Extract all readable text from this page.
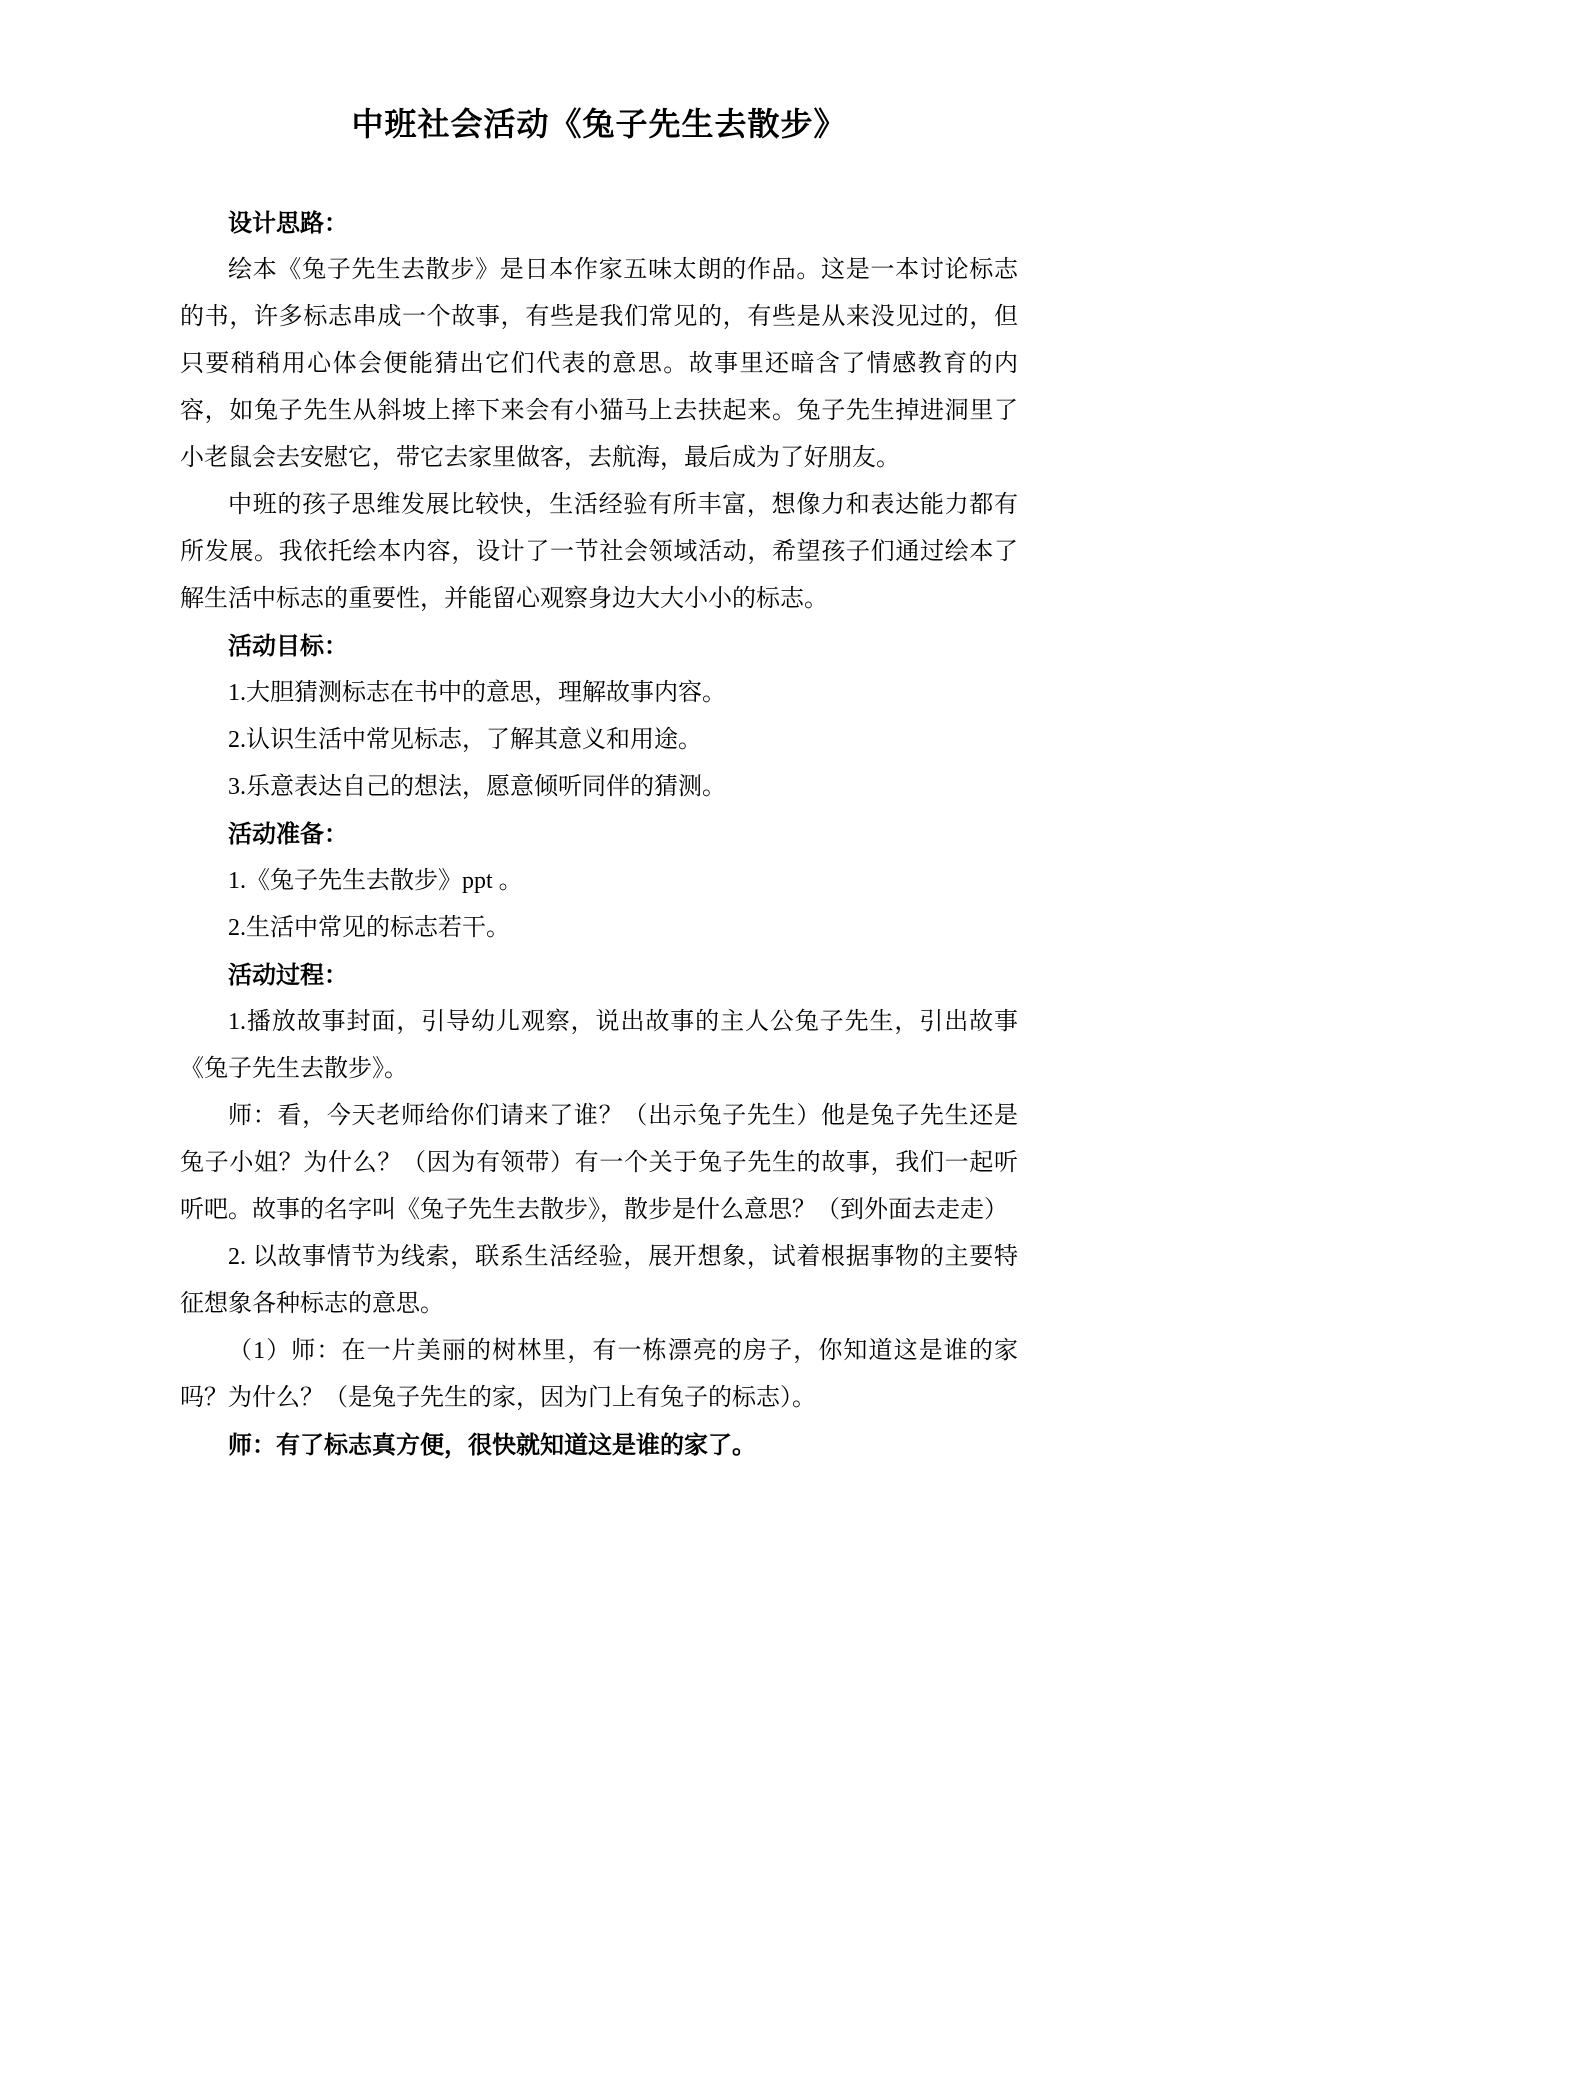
中班社会活动《兔子先生去散步》
设计思路：

绘本《兔子先生去散步》是日本作家五味太朗的作品。这是一本讨论标志的书，许多标志串成一个故事，有些是我们常见的，有些是从来没见过的，但只要稍稍用心体会便能猜出它们代表的意思。故事里还暗含了情感教育的内容，如兔子先生从斜坡上摔下来会有小猫马上去扶起来。兔子先生掉进洞里了小老鼠会去安慰它，带它去家里做客，去航海，最后成为了好朋友。

中班的孩子思维发展比较快，生活经验有所丰富，想像力和表达能力都有所发展。我依托绘本内容，设计了一节社会领域活动，希望孩子们通过绘本了解生活中标志的重要性，并能留心观察身边大大小小的标志。

活动目标：

1.大胆猜测标志在书中的意思，理解故事内容。

2.认识生活中常见标志，了解其意义和用途。

3.乐意表达自己的想法，愿意倾听同伴的猜测。

活动准备：

1.《兔子先生去散步》ppt 。

2.生活中常见的标志若干。

活动过程：

1.播放故事封面，引导幼儿观察，说出故事的主人公兔子先生，引出故事《兔子先生去散步》。

师：看，今天老师给你们请来了谁？（出示兔子先生）他是兔子先生还是兔子小姐？为什么？（因为有领带）有一个关于兔子先生的故事，我们一起听听吧。故事的名字叫《兔子先生去散步》，散步是什么意思？（到外面去走走）

2. 以故事情节为线索，联系生活经验，展开想象，试着根据事物的主要特征想象各种标志的意思。

（1）师：在一片美丽的树林里，有一栋漂亮的房子，你知道这是谁的家吗？为什么？（是兔子先生的家，因为门上有兔子的标志）。

师：有了标志真方便，很快就知道这是谁的家了。
